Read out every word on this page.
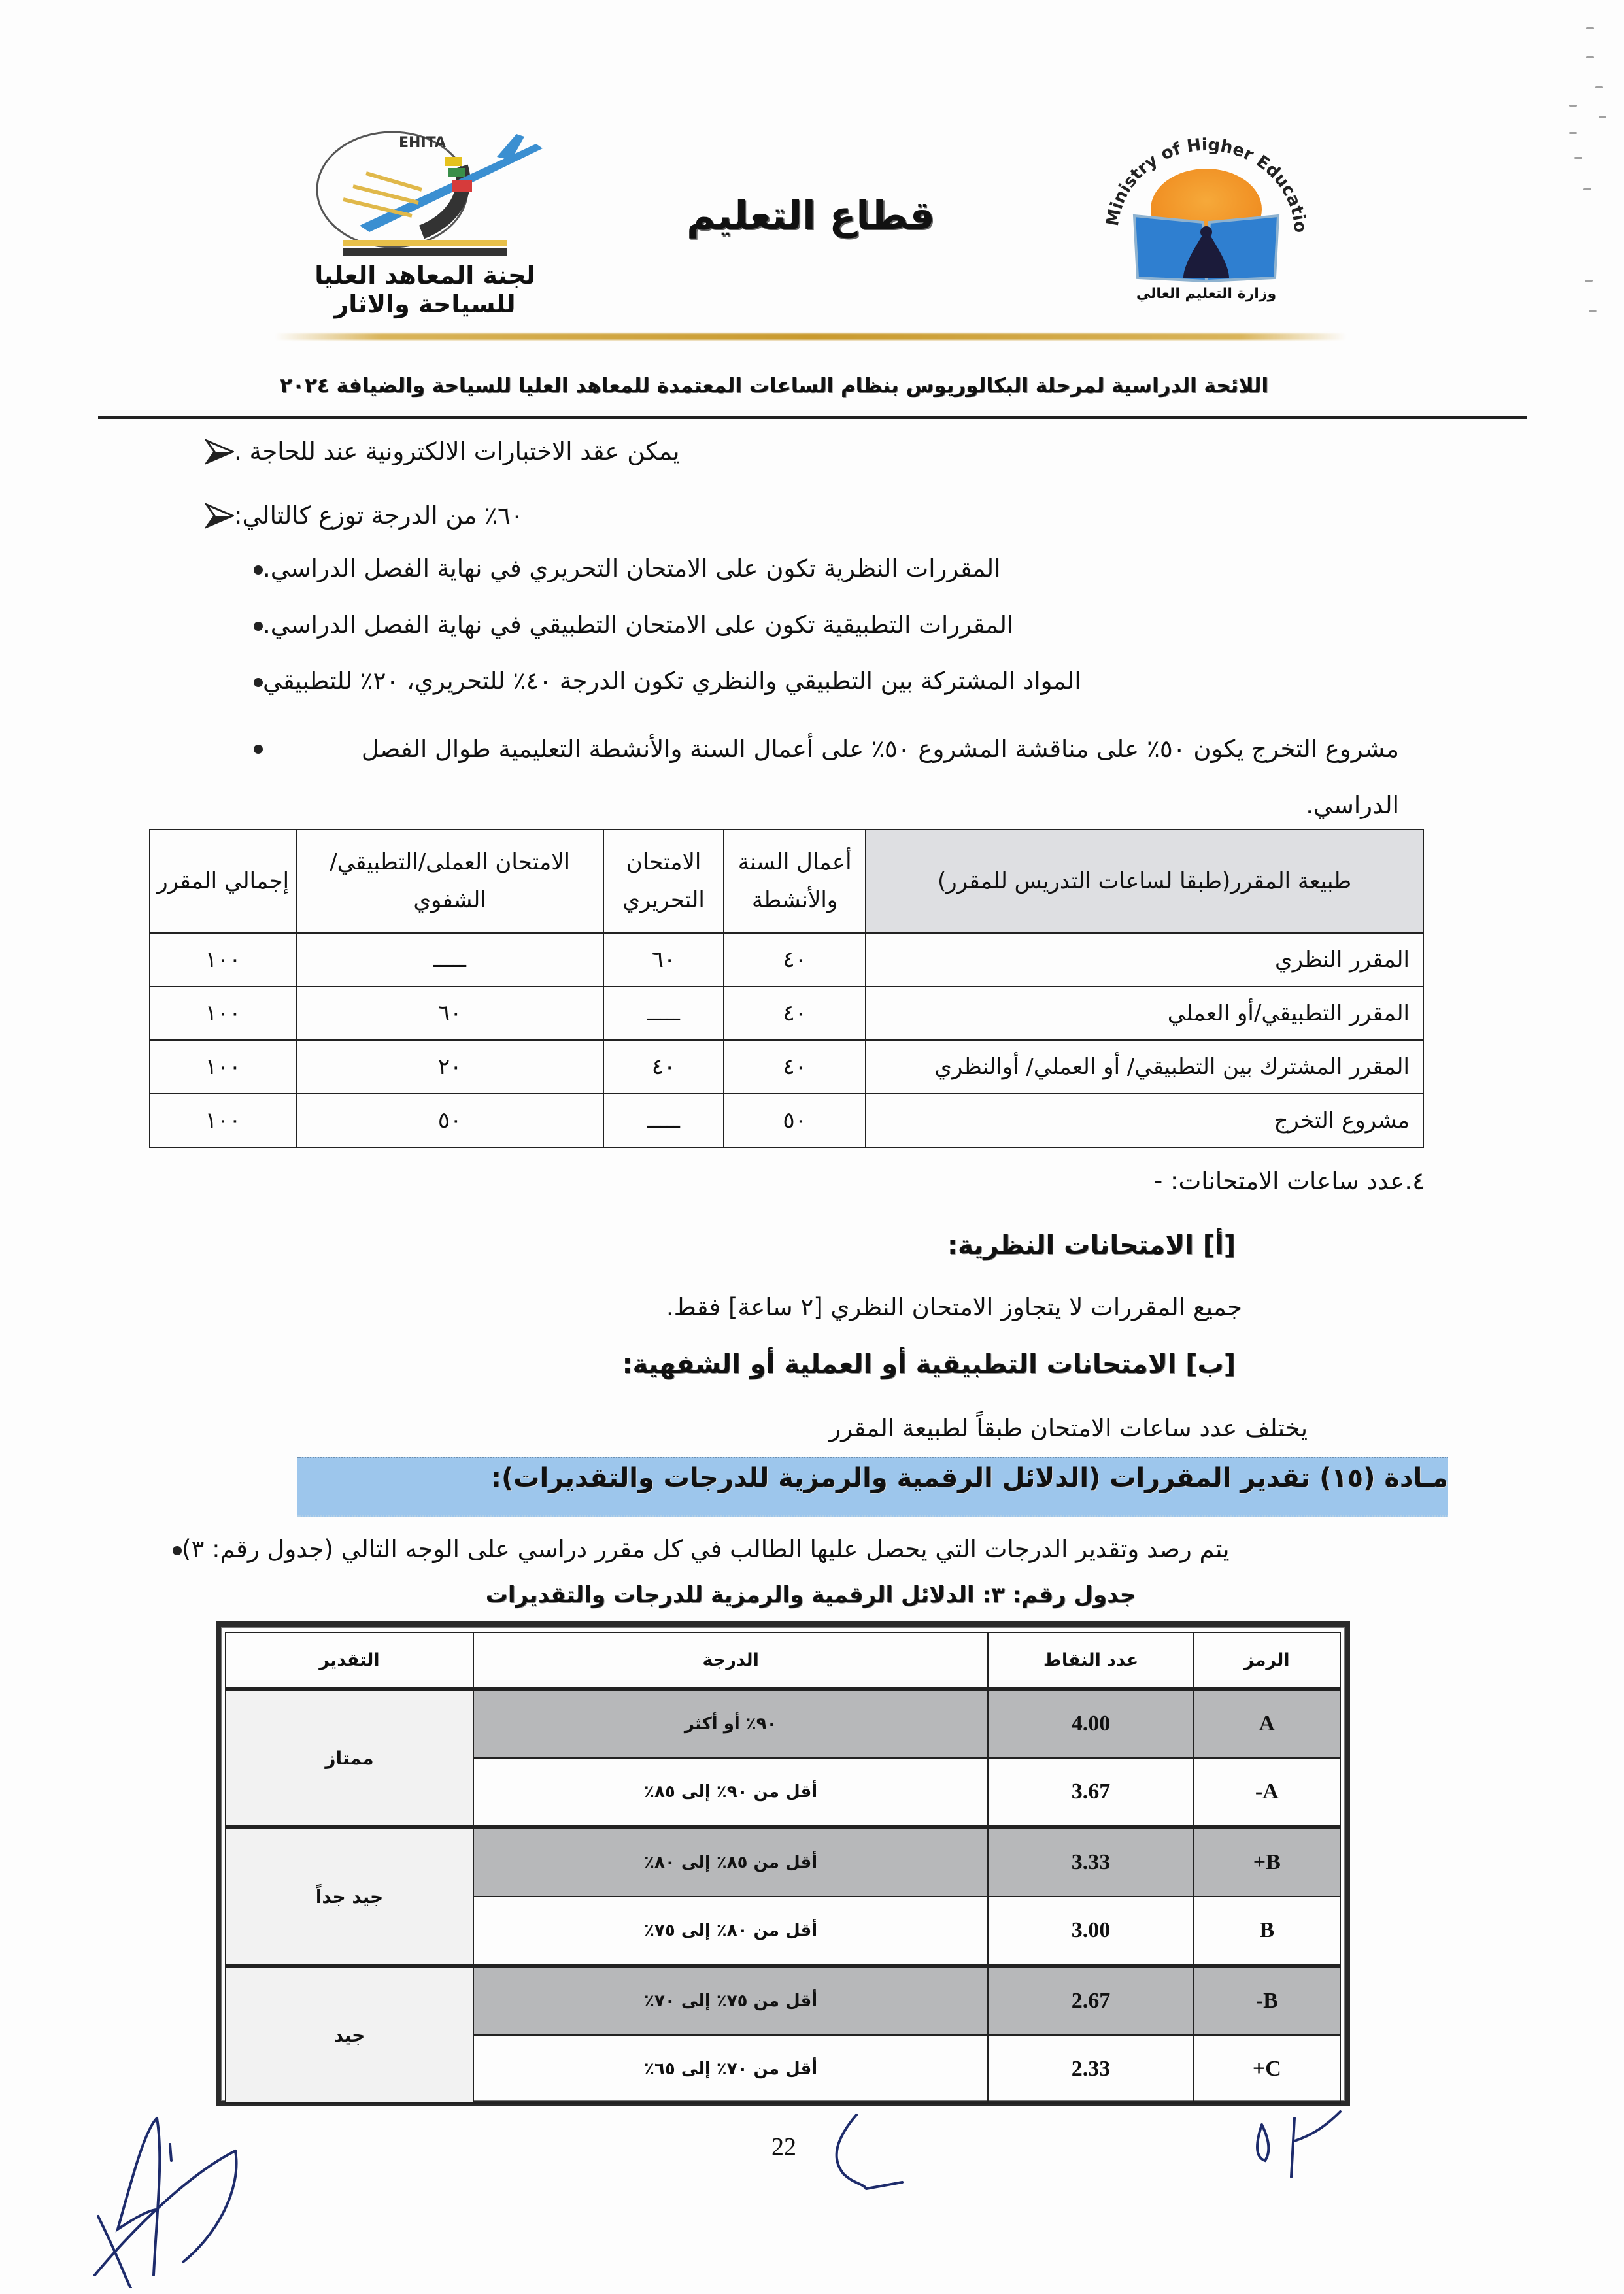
EHITA
لجنة المعاهد العليا
للسياحة والاثار
قطاع التعليم	Ministry of Higher Educatio
وزارة التعليم العالي
اللائحة الدراسية لمرحلة البكالوريوس بنظام الساعات المعتمدة للمعاهد العليا للسياحة والضيافة ٢٠٢٤
يمكن عقد الاختبارات الالكترونية عند للحاجة .
٦٠٪ من الدرجة توزع كالتالي:
المقررات النظرية تكون على الامتحان التحريري في نهاية الفصل الدراسي.
المقررات التطبيقية تكون على الامتحان التطبيقي في نهاية الفصل الدراسي.
المواد المشتركة بين التطبيقي والنظري تكون الدرجة ٤٠٪ للتحريري، ٢٠٪ للتطبيقي
مشروع التخرج يكون ٥٠٪ على مناقشة المشروع ٥٠٪ على أعمال السنة والأنشطة التعليمية طوال الفصل الدراسي.
طبيعة المقرر(طبقا لساعات التدريس للمقرر)	أعمال السنة والأنشطة	الامتحان التحريري	الامتحان العملى/التطبيقي/الشفوي	إجمالي المقرر
المقرر النظري	٤٠	٦٠	ـــــ	١٠٠
المقرر التطبيقي/أو العملي	٤٠	ـــــ	٦٠	١٠٠
المقرر المشترك بين التطبيقي/ أو العملي/ أوالنظري	٤٠	٤٠	٢٠	١٠٠
مشروع التخرج	٥٠	ـــــ	٥٠	١٠٠
٤.عدد ساعات الامتحانات: -
[أ] الامتحانات النظرية:
جميع المقررات لا يتجاوز الامتحان النظري [٢ ساعة] فقط.
[ب] الامتحانات التطبيقية أو العملية أو الشفهية:
يختلف عدد ساعات الامتحان طبقاً لطبيعة المقرر
مـادة (١٥) تقدير المقررات (الدلائل الرقمية والرمزية للدرجات والتقديرات):
يتم رصد وتقدير الدرجات التي يحصل عليها الطالب في كل مقرر دراسي على الوجه التالي (جدول رقم: ٣)
جدول رقم: ٣: الدلائل الرقمية والرمزية للدرجات والتقديرات
الرمز	عدد النقاط	الدرجة	التقدير
A	4.00	٩٠٪ أو أكثر	ممتاز
A-	3.67	أقل من ٩٠٪ إلى ٨٥٪	
B+	3.33	أقل من ٨٥٪ إلى ٨٠٪	جيد جداً
B	3.00	أقل من ٨٠٪ إلى ٧٥٪	
B-	2.67	أقل من ٧٥٪ إلى ٧٠٪	جيد
C+	2.33	أقل من ٧٠٪ إلى ٦٥٪	
22
